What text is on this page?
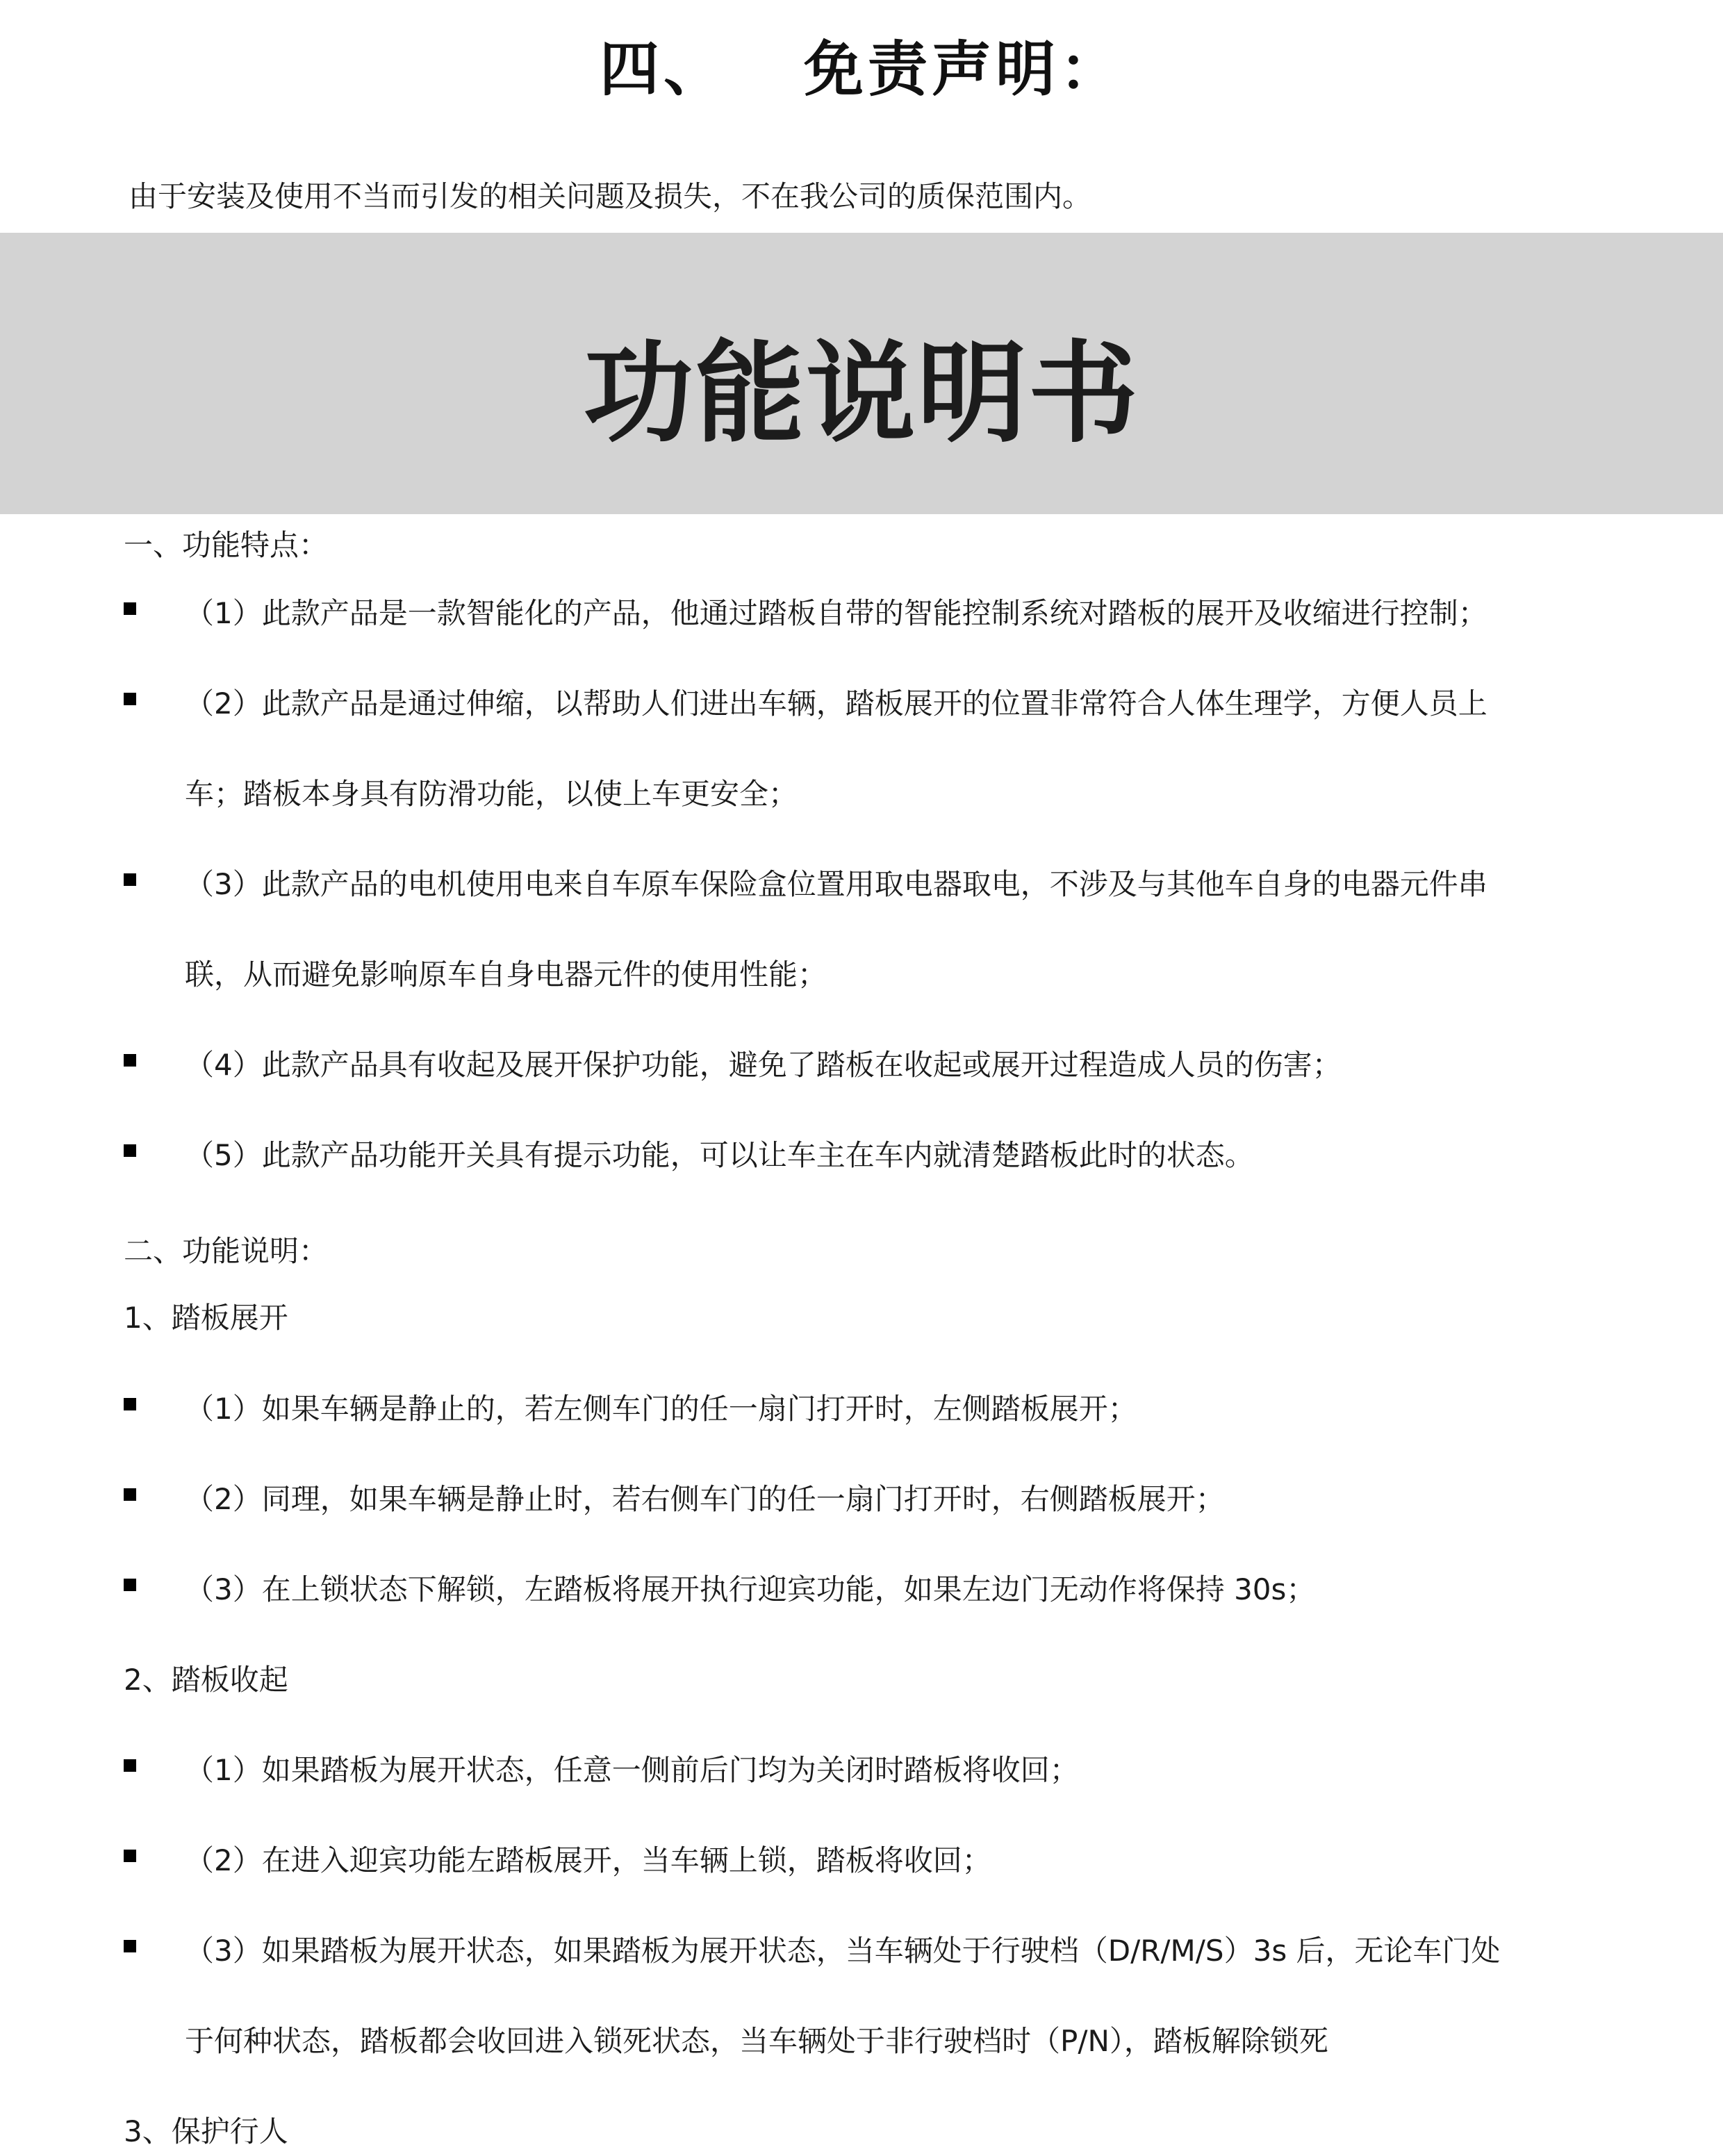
四、 免责声明：
由于安装及使用不当而引发的相关问题及损失，不在我公司的质保范围内。
功能说明书
一、功能特点：
（1）此款产品是一款智能化的产品，他通过踏板自带的智能控制系统对踏板的展开及收缩进行控制；
（2）此款产品是通过伸缩，以帮助人们进出车辆，踏板展开的位置非常符合人体生理学，方便人员上
车；踏板本身具有防滑功能，以使上车更安全；
（3）此款产品的电机使用电来自车原车保险盒位置用取电器取电，不涉及与其他车自身的电器元件串
联，从而避免影响原车自身电器元件的使用性能；
（4）此款产品具有收起及展开保护功能，避免了踏板在收起或展开过程造成人员的伤害；
（5）此款产品功能开关具有提示功能，可以让车主在车内就清楚踏板此时的状态。
二、功能说明：
1、踏板展开
（1）如果车辆是静止的，若左侧车门的任一扇门打开时，左侧踏板展开；
（2）同理，如果车辆是静止时，若右侧车门的任一扇门打开时，右侧踏板展开；
（3）在上锁状态下解锁，左踏板将展开执行迎宾功能，如果左边门无动作将保持 30s；
2、踏板收起
（1）如果踏板为展开状态，任意一侧前后门均为关闭时踏板将收回；
（2）在进入迎宾功能左踏板展开，当车辆上锁，踏板将收回；
（3）如果踏板为展开状态，如果踏板为展开状态，当车辆处于行驶档（D/R/M/S）3s 后，无论车门处
于何种状态，踏板都会收回进入锁死状态，当车辆处于非行驶档时（P/N），踏板解除锁死
3、保护行人
